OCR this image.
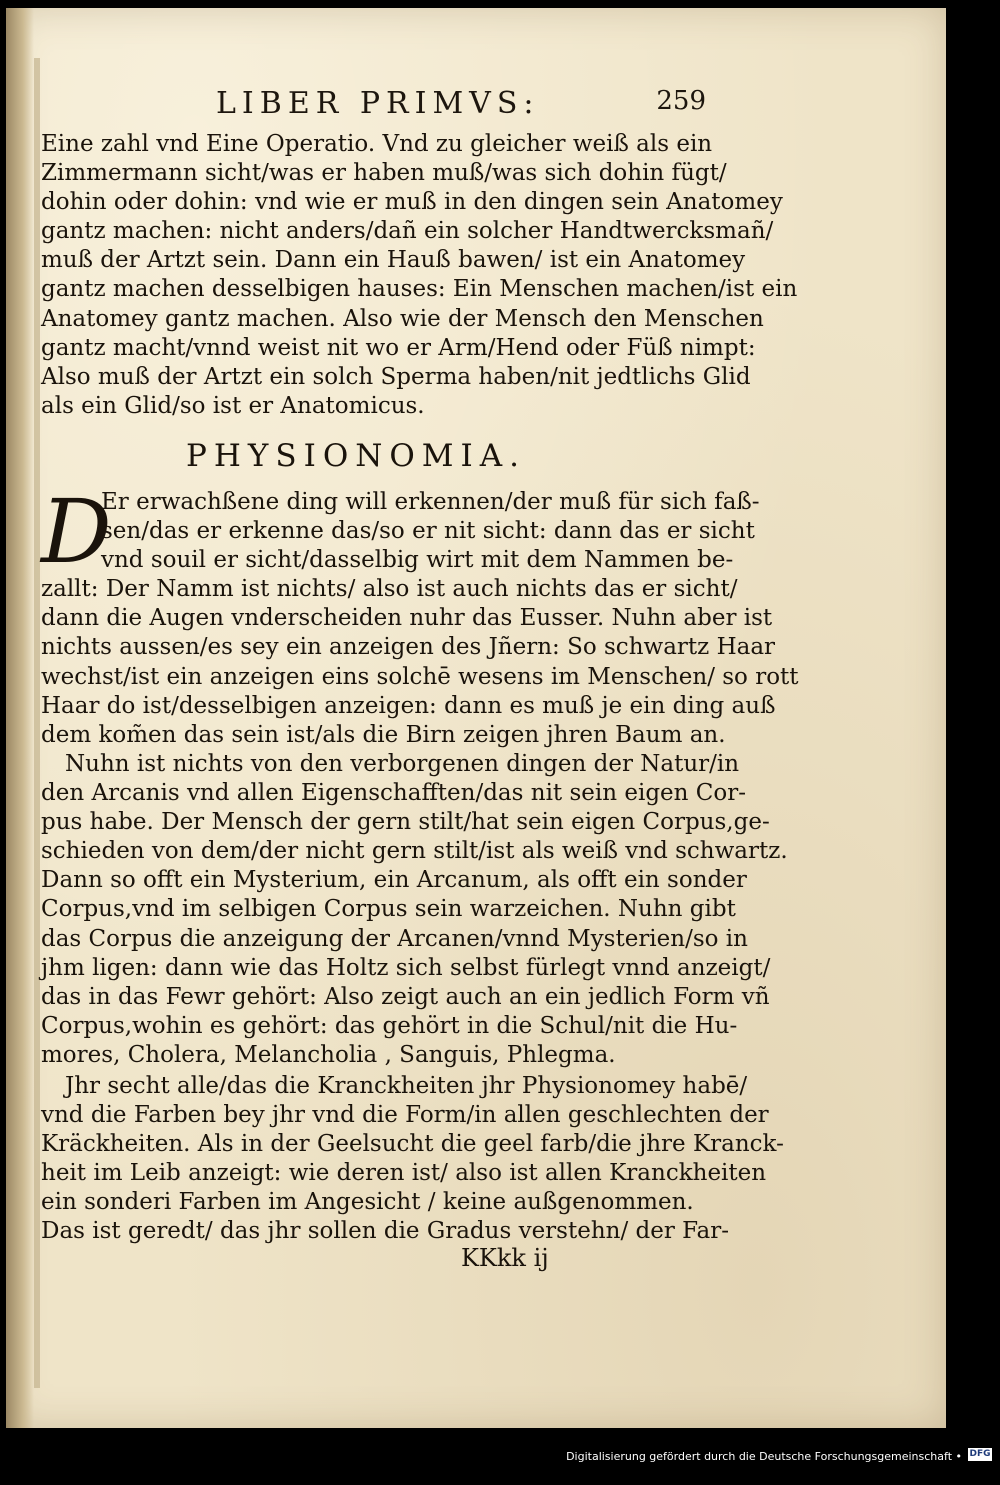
LIBER PRIMVS:	259
Eine zahl vnd Eine Operatio. Vnd zu gleicher weiß als ein
Zimmermann sicht/was er haben muß/was sich dohin fügt/
dohin oder dohin: vnd wie er muß in den dingen sein Anatomey
gantz machen: nicht anders/dañ ein solcher Handtwercksmañ/
muß der Artzt sein. Dann ein Hauß bawen/ ist ein Anatomey
gantz machen desselbigen hauses: Ein Menschen machen/ist ein
Anatomey gantz machen. Also wie der Mensch den Menschen
gantz macht/vnnd weist nit wo er Arm/Hend oder Füß nimpt:
Also muß der Artzt ein solch Sperma haben/nit jedtlichs Glid
als ein Glid/so ist er Anatomicus.
PHYSIONOMIA.
D
Er erwachßene ding will erkennen/der muß für sich faß-
sen/das er erkenne das/so er nit sicht: dann das er sicht
vnd souil er sicht/dasselbig wirt mit dem Nammen be-
zallt: Der Namm ist nichts/ also ist auch nichts das er sicht/
dann die Augen vnderscheiden nuhr das Eusser. Nuhn aber ist
nichts aussen/es sey ein anzeigen des Jñern: So schwartz Haar
wechst/ist ein anzeigen eins solchē wesens im Menschen/ so rott
Haar do ist/desselbigen anzeigen: dann es muß je ein ding auß
dem kom̃en das sein ist/als die Birn zeigen jhren Baum an.
Nuhn ist nichts von den verborgenen dingen der Natur/in
den Arcanis vnd allen Eigenschafften/das nit sein eigen Cor-
pus habe. Der Mensch der gern stilt/hat sein eigen Corpus,ge-
schieden von dem/der nicht gern stilt/ist als weiß vnd schwartz.
Dann so offt ein Mysterium, ein Arcanum, als offt ein sonder
Corpus,vnd im selbigen Corpus sein warzeichen. Nuhn gibt
das Corpus die anzeigung der Arcanen/vnnd Mysterien/so in
jhm ligen: dann wie das Holtz sich selbst fürlegt vnnd anzeigt/
das in das Fewr gehört: Also zeigt auch an ein jedlich Form vñ
Corpus,wohin es gehört: das gehört in die Schul/nit die Hu-
mores, Cholera, Melancholia , Sanguis, Phlegma.
Jhr secht alle/das die Kranckheiten jhr Physionomey habē/
vnd die Farben bey jhr vnd die Form/in allen geschlechten der
Kräckheiten. Als in der Geelsucht die geel farb/die jhre Kranck-
heit im Leib anzeigt: wie deren ist/ also ist allen Kranckheiten
ein sonderi Farben im Angesicht / keine außgenommen.
Das ist geredt/ das jhr sollen die Gradus verstehn/ der Far-
KKkk ij
Digitalisierung gefördert durch die Deutsche Forschungsgemeinschaft • DFG
